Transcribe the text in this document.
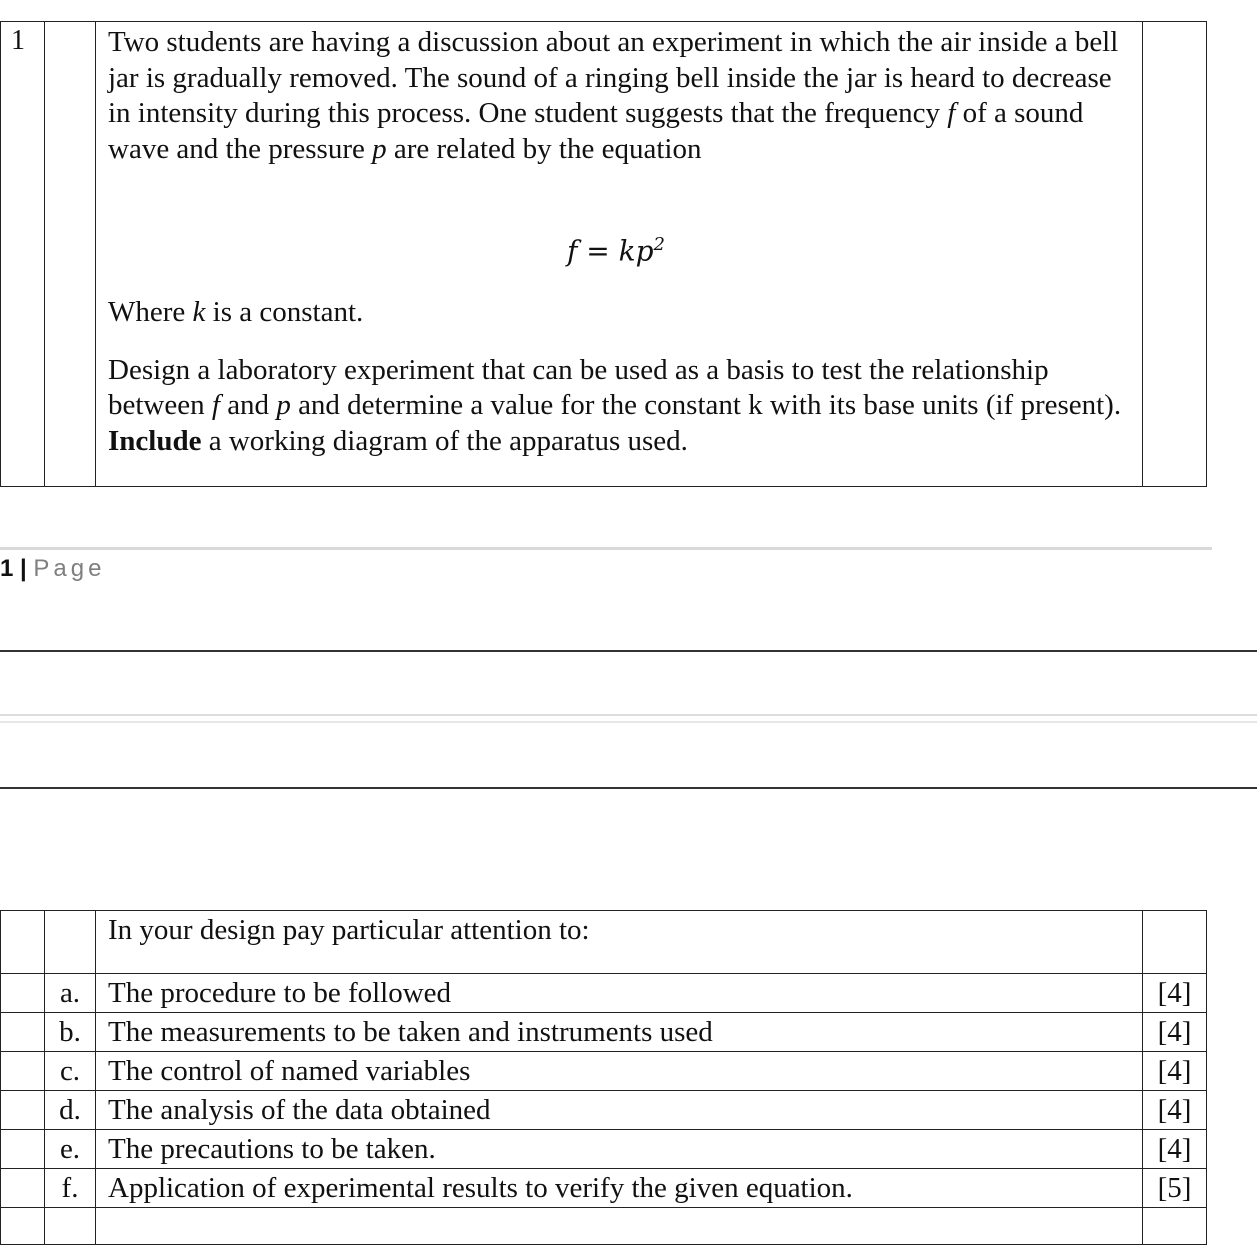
1		Two students are having a discussion about an experiment in which the air inside a bell jar is gradually removed. The sound of a ringing bell inside the jar is heard to decrease in intensity during this process. One student suggests that the frequency f of a sound wave and the pressure p are related by the equation

$f = kp^2$

Where k is a constant.

Design a laboratory experiment that can be used as a basis to test the relationship between f and p and determine a value for the constant k with its base units (if present). Include a working diagram of the apparatus used.

1 | Page
		In your design pay particular attention to:	
	a.	The procedure to be followed	[4]
	b.	The measurements to be taken and instruments used	[4]
	c.	The control of named variables	[4]
	d.	The analysis of the data obtained	[4]
	e.	The precautions to be taken.	[4]
	f.	Application of experimental results to verify the given equation.	[5]
